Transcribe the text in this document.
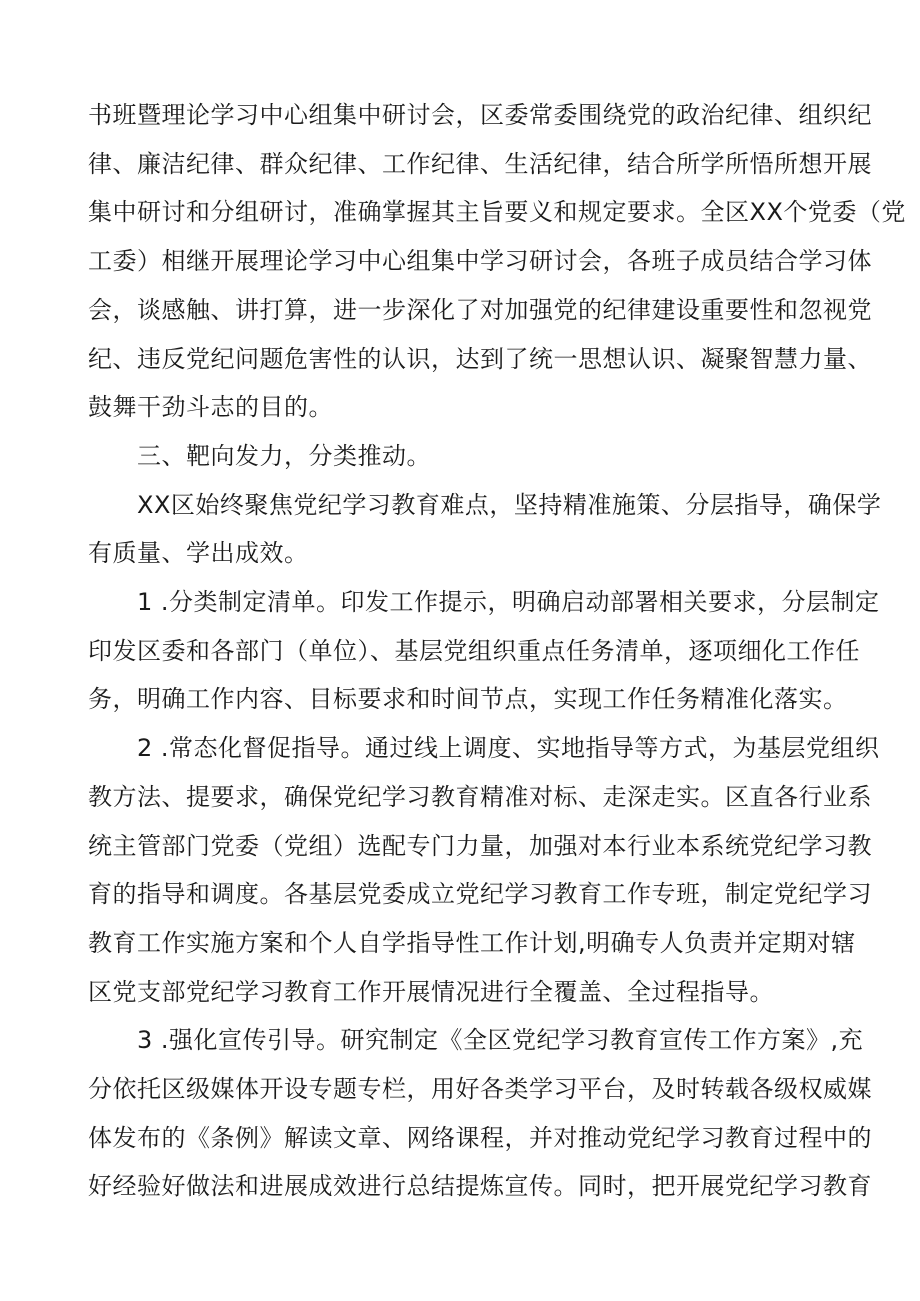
书班暨理论学习中心组集中研讨会，区委常委围绕党的政治纪律、组织纪
律、廉洁纪律、群众纪律、工作纪律、生活纪律，结合所学所悟所想开展
集中研讨和分组研讨，准确掌握其主旨要义和规定要求。全区XX个党委（党
工委）相继开展理论学习中心组集中学习研讨会，各班子成员结合学习体
会，谈感触、讲打算，进一步深化了对加强党的纪律建设重要性和忽视党
纪、违反党纪问题危害性的认识，达到了统一思想认识、凝聚智慧力量、
鼓舞干劲斗志的目的。
三、靶向发力，分类推动。
XX区始终聚焦党纪学习教育难点，坚持精准施策、分层指导，确保学
有质量、学出成效。
1 .分类制定清单。印发工作提示，明确启动部署相关要求，分层制定
印发区委和各部门（单位）、基层党组织重点任务清单，逐项细化工作任
务，明确工作内容、目标要求和时间节点，实现工作任务精准化落实。
2 .常态化督促指导。通过线上调度、实地指导等方式，为基层党组织
教方法、提要求，确保党纪学习教育精准对标、走深走实。区直各行业系
统主管部门党委（党组）选配专门力量，加强对本行业本系统党纪学习教
育的指导和调度。各基层党委成立党纪学习教育工作专班，制定党纪学习
教育工作实施方案和个人自学指导性工作计划,明确专人负责并定期对辖
区党支部党纪学习教育工作开展情况进行全覆盖、全过程指导。
3 .强化宣传引导。研究制定《全区党纪学习教育宣传工作方案》,充
分依托区级媒体开设专题专栏，用好各类学习平台，及时转载各级权威媒
体发布的《条例》解读文章、网络课程，并对推动党纪学习教育过程中的
好经验好做法和进展成效进行总结提炼宣传。同时，把开展党纪学习教育
